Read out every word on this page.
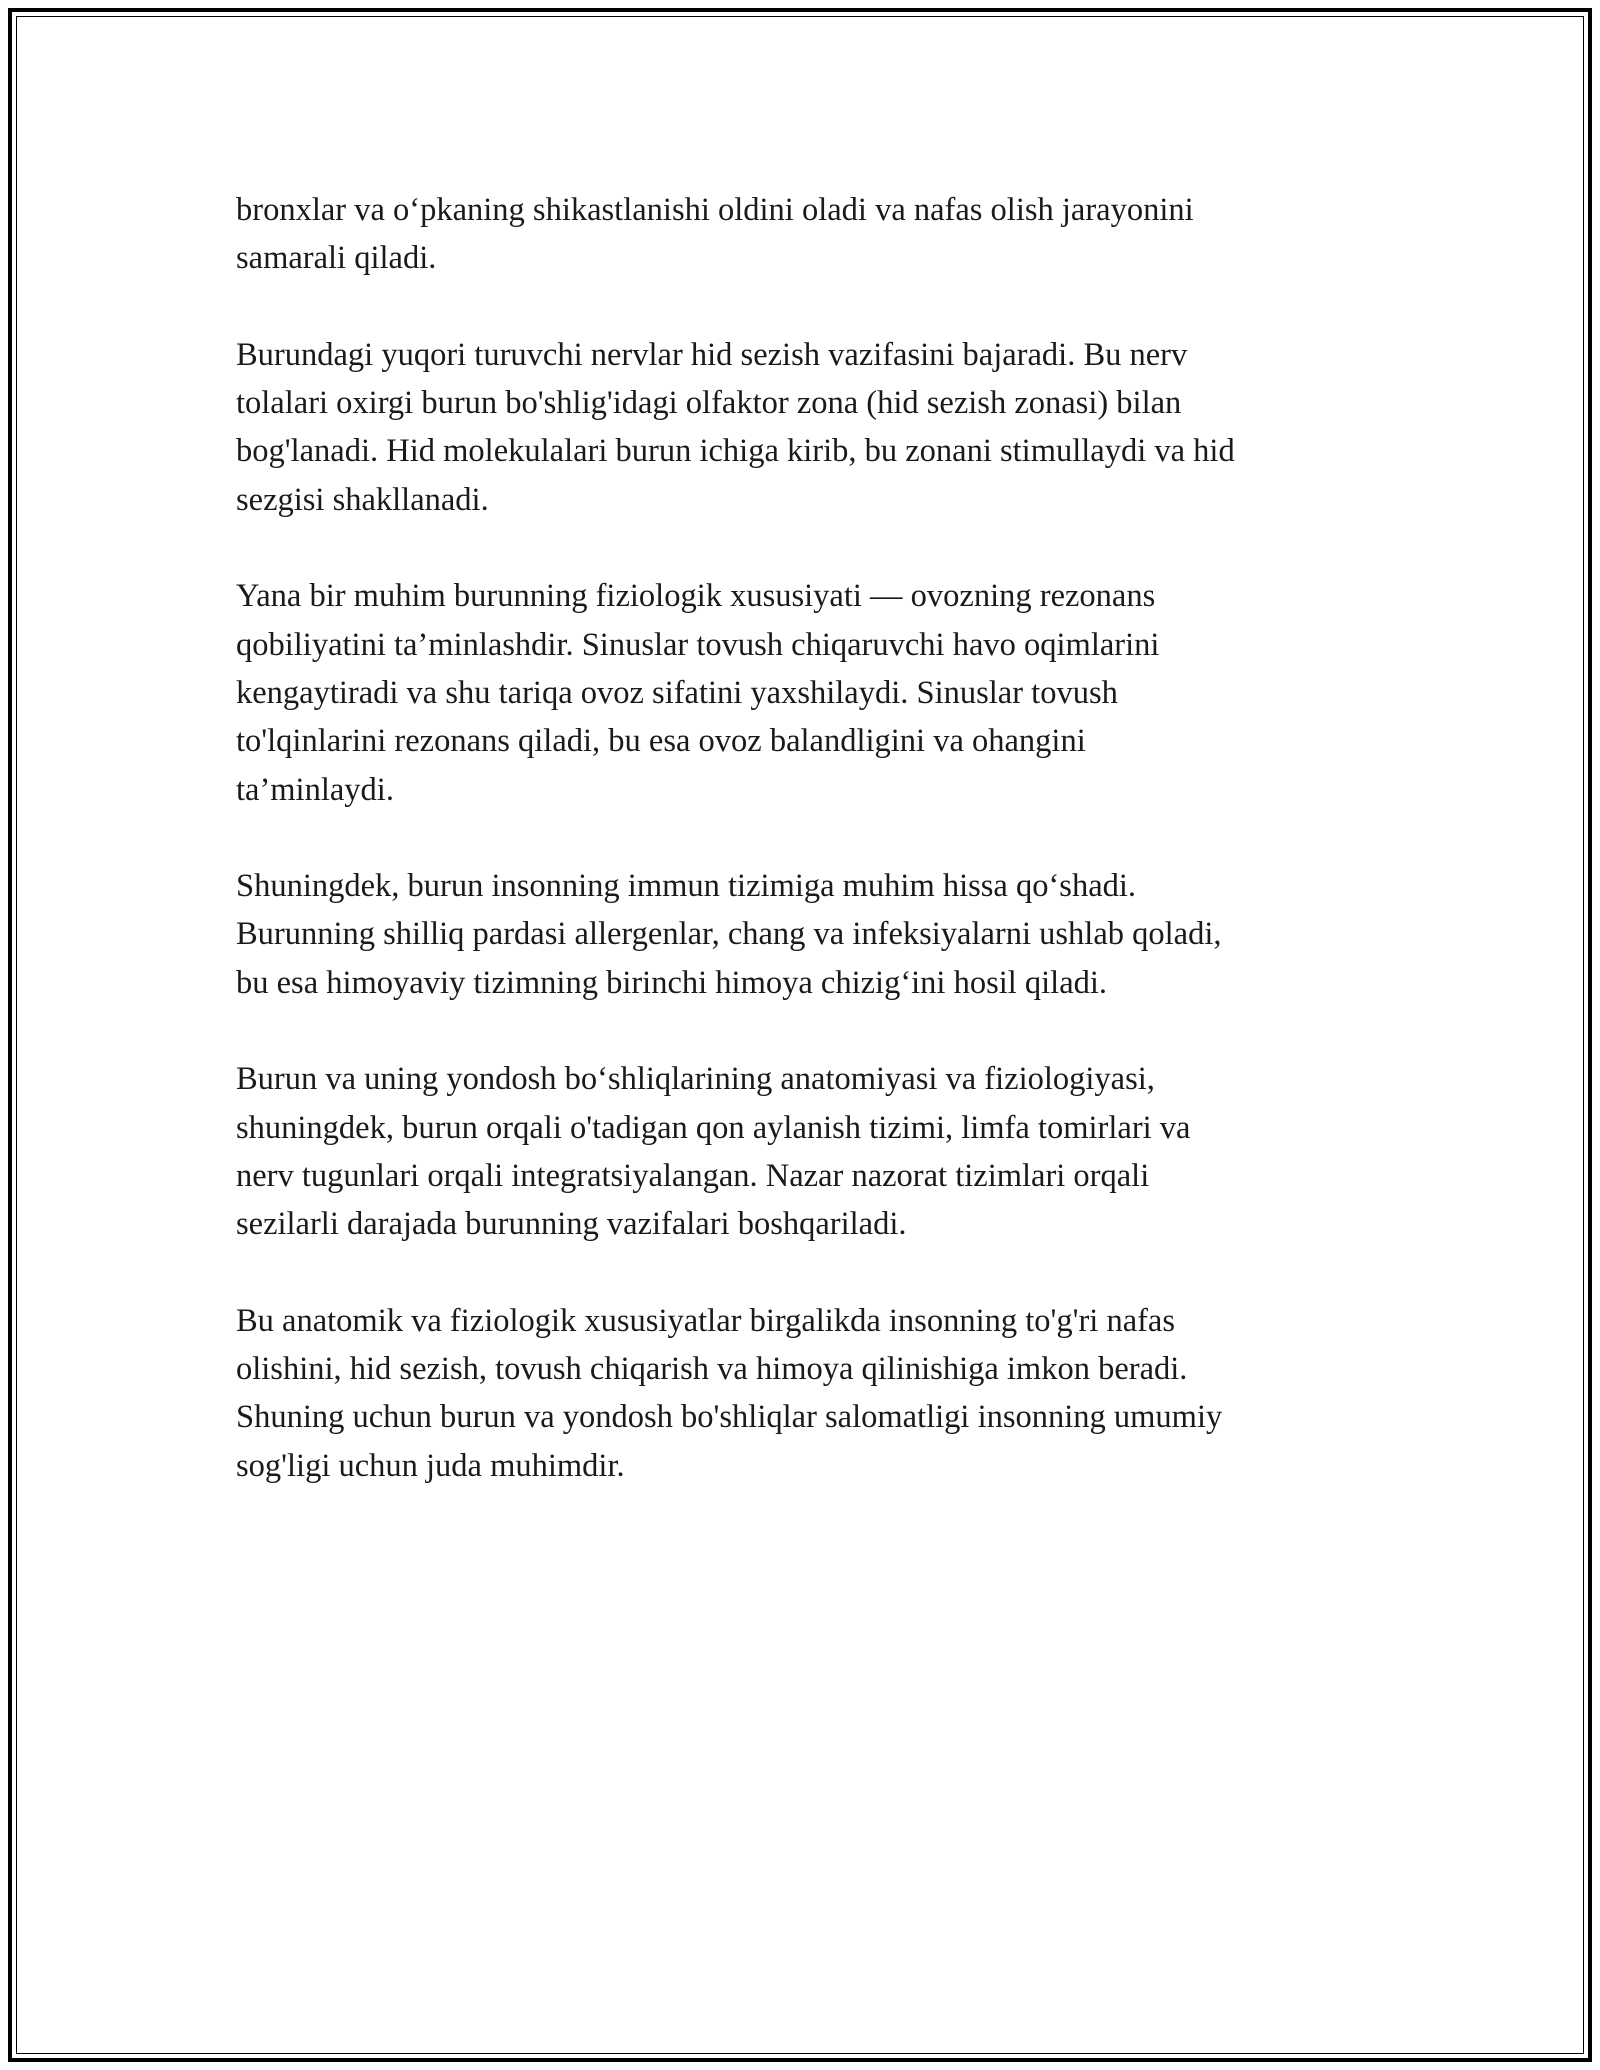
bronxlar va o‘pkaning shikastlanishi oldini oladi va nafas olish jarayonini
samarali qiladi.

Burundagi yuqori turuvchi nervlar hid sezish vazifasini bajaradi. Bu nerv
tolalari oxirgi burun bo'shlig'idagi olfaktor zona (hid sezish zonasi) bilan
bog'lanadi. Hid molekulalari burun ichiga kirib, bu zonani stimullaydi va hid
sezgisi shakllanadi.

Yana bir muhim burunning fiziologik xususiyati — ovozning rezonans
qobiliyatini ta’minlashdir. Sinuslar tovush chiqaruvchi havo oqimlarini
kengaytiradi va shu tariqa ovoz sifatini yaxshilaydi. Sinuslar tovush
to'lqinlarini rezonans qiladi, bu esa ovoz balandligini va ohangini
ta’minlaydi.

Shuningdek, burun insonning immun tizimiga muhim hissa qo‘shadi.
Burunning shilliq pardasi allergenlar, chang va infeksiyalarni ushlab qoladi,
bu esa himoyaviy tizimning birinchi himoya chizig‘ini hosil qiladi.

Burun va uning yondosh bo‘shliqlarining anatomiyasi va fiziologiyasi,
shuningdek, burun orqali o'tadigan qon aylanish tizimi, limfa tomirlari va
nerv tugunlari orqali integratsiyalangan. Nazar nazorat tizimlari orqali
sezilarli darajada burunning vazifalari boshqariladi.

Bu anatomik va fiziologik xususiyatlar birgalikda insonning to'g'ri nafas
olishini, hid sezish, tovush chiqarish va himoya qilinishiga imkon beradi.
Shuning uchun burun va yondosh bo'shliqlar salomatligi insonning umumiy
sog'ligi uchun juda muhimdir.
